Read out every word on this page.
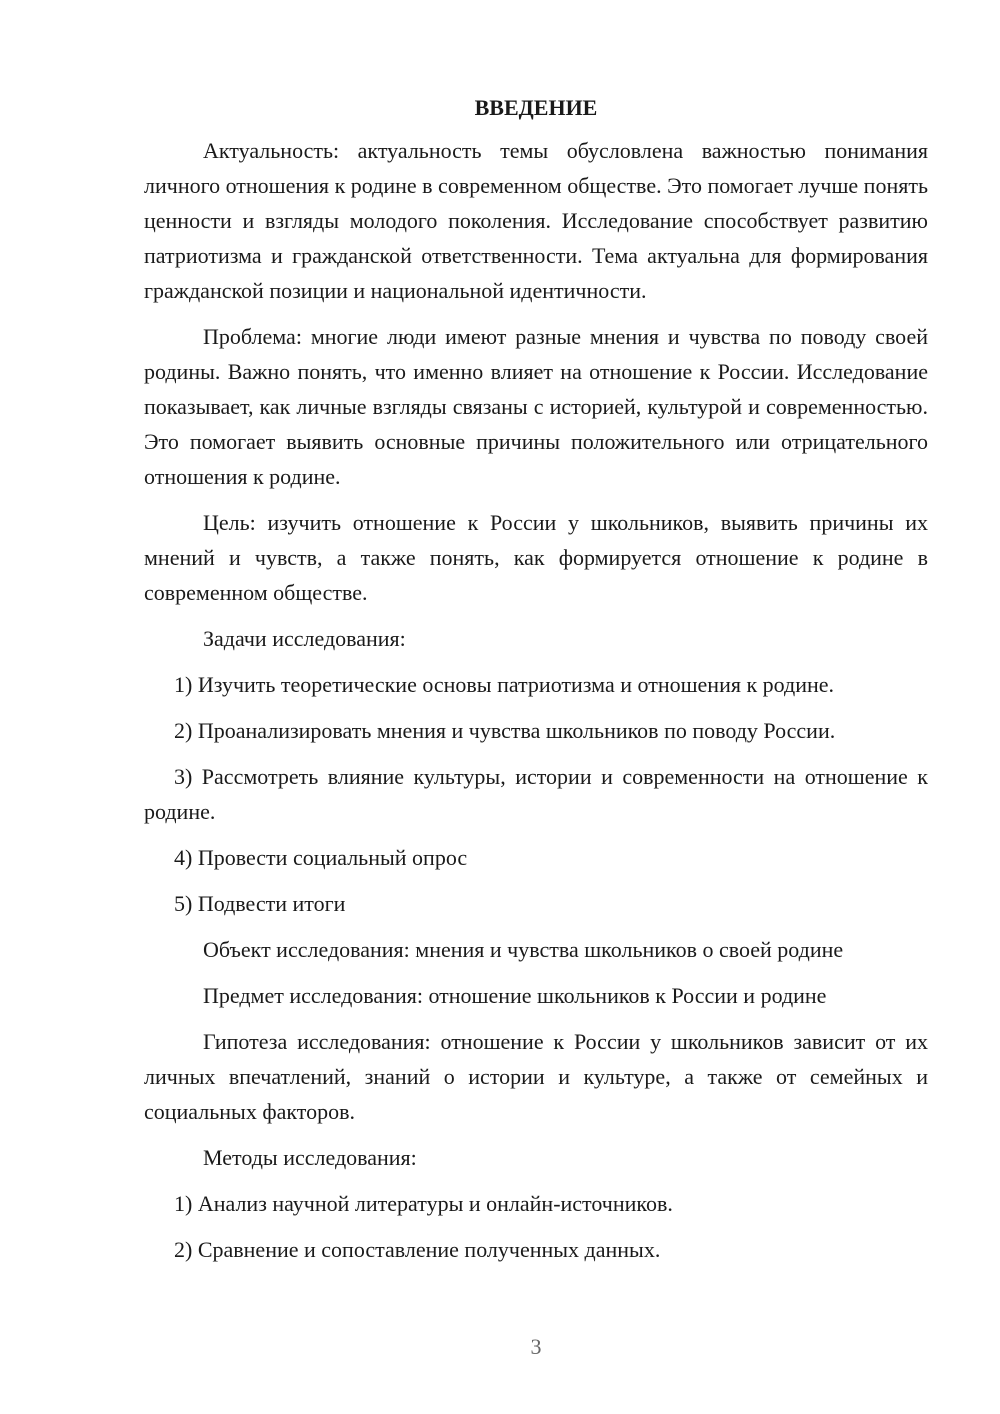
ВВЕДЕНИЕ

Актуальность: актуальность темы обусловлена важностью понимания личного отношения к родине в современном обществе. Это помогает лучше понять ценности и взгляды молодого поколения. Исследование способствует развитию патриотизма и гражданской ответственности. Тема актуальна для формирования гражданской позиции и национальной идентичности.

Проблема: многие люди имеют разные мнения и чувства по поводу своей родины. Важно понять, что именно влияет на отношение к России. Исследование показывает, как личные взгляды связаны с историей, культурой и современностью. Это помогает выявить основные причины положительного или отрицательного отношения к родине.

Цель: изучить отношение к России у школьников, выявить причины их мнений и чувств, а также понять, как формируется отношение к родине в современном обществе.

Задачи исследования:

1) Изучить теоретические основы патриотизма и отношения к родине.

2) Проанализировать мнения и чувства школьников по поводу России.

3) Рассмотреть влияние культуры, истории и современности на отношение к родине.

4) Провести социальный опрос

5) Подвести итоги

Объект исследования: мнения и чувства школьников о своей родине

Предмет исследования: отношение школьников к России и родине

Гипотеза исследования: отношение к России у школьников зависит от их личных впечатлений, знаний о истории и культуре, а также от семейных и социальных факторов.

Методы исследования:

1) Анализ научной литературы и онлайн-источников.

2) Сравнение и сопоставление полученных данных.

3
